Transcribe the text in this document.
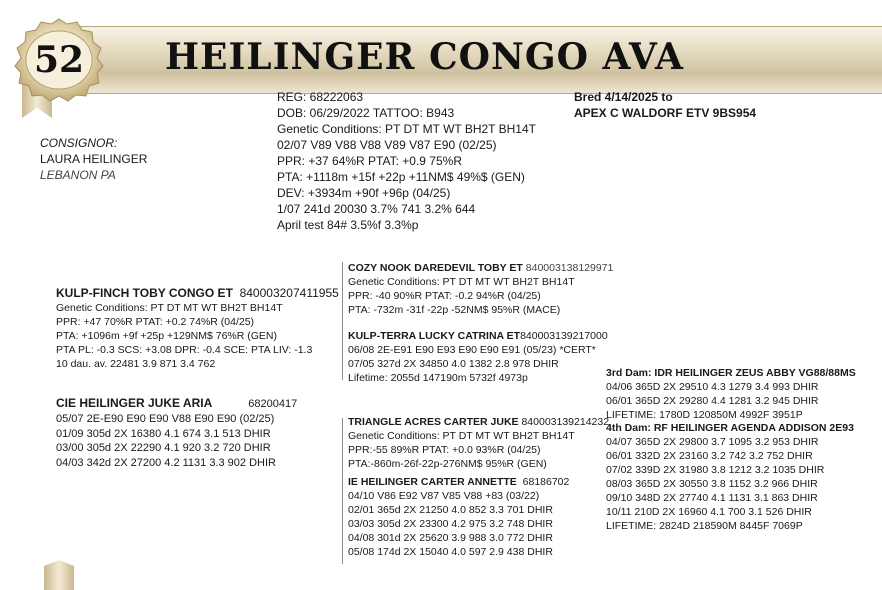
52	HEILINGER CONGO AVA
CONSIGNOR:
LAURA HEILINGER
LEBANON PA
REG: 68222063
DOB: 06/29/2022 TATTOO: B943
Genetic Conditions: PT DT MT WT BH2T BH14T
02/07 V89 V88 V88 V89 V87 E90 (02/25)
PPR: +37 64%R PTAT: +0.9 75%R
PTA: +1118m +15f +22p +11NM$ 49%$ (GEN)
DEV: +3934m +90f +96p (04/25)
1/07 241d 20030 3.7% 741 3.2% 644
April test 84# 3.5%f 3.3%p
Bred 4/14/2025 to
APEX C WALDORF ETV 9BS954
KULP-FINCH TOBY CONGO ET 840003207411955
Genetic Conditions: PT DT MT WT BH2T BH14T
PPR: +47 70%R PTAT: +0.2 74%R (04/25)
PTA: +1096m +9f +25p +129NM$ 76%R (GEN)
PTA PL: -0.3 SCS: +3.08 DPR: -0.4 SCE: PTA LIV: -1.3
10 dau. av. 22481 3.9 871 3.4 762
CIE HEILINGER JUKE ARIA	68200417
05/07 2E-E90 E90 E90 V88 E90 E90 (02/25)
01/09 305d 2X 16380 4.1 674 3.1 513 DHIR
03/00 305d 2X 22290 4.1 920 3.2 720 DHIR
04/03 342d 2X 27200 4.2 1131 3.3 902 DHIR
COZY NOOK DAREDEVIL TOBY ET 840003138129971
Genetic Conditions: PT DT MT WT BH2T BH14T
PPR: -40 90%R PTAT: -0.2 94%R (04/25)
PTA: -732m -31f -22p -52NM$ 95%R (MACE)
KULP-TERRA LUCKY CATRINA ET840003139217000
06/08 2E-E91 E90 E93 E90 E90 E91 (05/23) *CERT*
07/05 327d 2X 34850 4.0 1382 2.8 978 DHIR
Lifetime: 2055d 147190m 5732f 4973p
TRIANGLE ACRES CARTER JUKE 840003139214232
Genetic Conditions: PT DT MT WT BH2T BH14T
PPR:-55 89%R PTAT: +0.0 93%R (04/25)
PTA:-860m-26f-22p-276NM$ 95%R (GEN)
IE HEILINGER CARTER ANNETTE 68186702
04/10 V86 E92 V87 V85 V88 +83 (03/22)
02/01 365d 2X 21250 4.0 852 3.3 701 DHIR
03/03 305d 2X 23300 4.2 975 3.2 748 DHIR
04/08 301d 2X 25620 3.9 988 3.0 772 DHIR
05/08 174d 2X 15040 4.0 597 2.9 438 DHIR
3rd Dam: IDR HEILINGER ZEUS ABBY VG88/88MS
04/06 365D 2X 29510 4.3 1279 3.4 993 DHIR
06/01 365D 2X 29280 4.4 1281 3.2 945 DHIR
LIFETIME: 1780D 120850M 4992F 3951P
4th Dam: RF HEILINGER AGENDA ADDISON 2E93
04/07 365D 2X 29800 3.7 1095 3.2 953 DHIR
06/01 332D 2X 23160 3.2 742 3.2 752 DHIR
07/02 339D 2X 31980 3.8 1212 3.2 1035 DHIR
08/03 365D 2X 30550 3.8 1152 3.2 966 DHIR
09/10 348D 2X 27740 4.1 1131 3.1 863 DHIR
10/11 210D 2X 16960 4.1 700 3.1 526 DHIR
LIFETIME: 2824D 218590M 8445F 7069P
